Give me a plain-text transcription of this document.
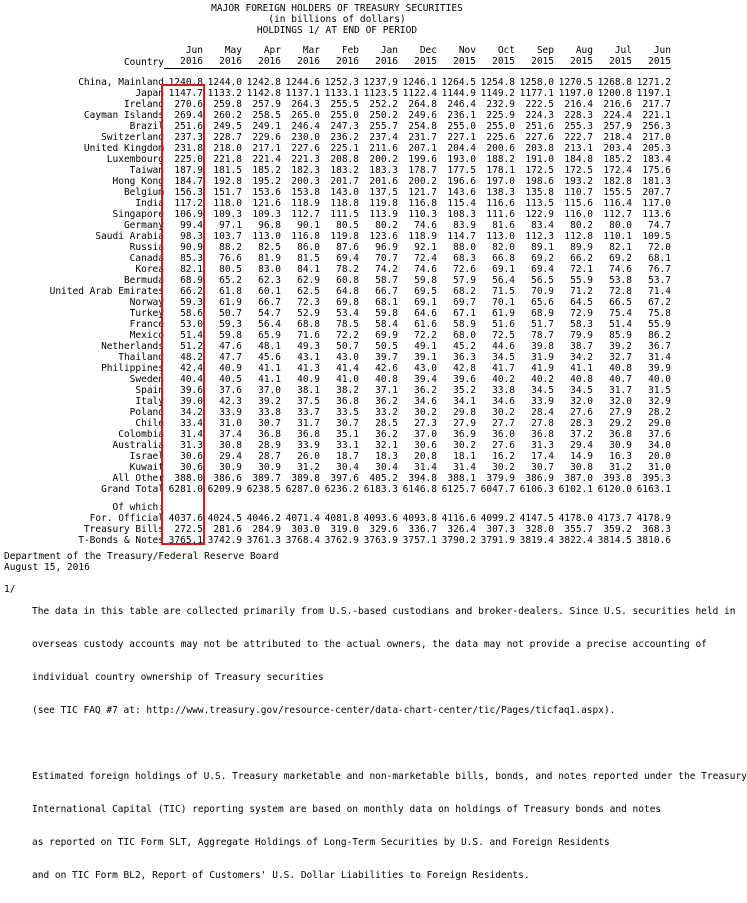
MAJOR FOREIGN HOLDERS OF TREASURY SECURITIES
(in billions of dollars)
HOLDINGS 1/ AT END OF PERIOD
	Jun	May	Apr	Mar	Feb	Jan	Dec	Nov	Oct	Sep	Aug	Jul	Jun
Country	2016	2016	2016	2016	2016	2016	2015	2015	2015	2015	2015	2015	2015

China, Mainland	1240.8	1244.0	1242.8	1244.6	1252.3	1237.9	1246.1	1264.5	1254.8	1258.0	1270.5	1268.8	1271.2
Japan	1147.7	1133.2	1142.8	1137.1	1133.1	1123.5	1122.4	1144.9	1149.2	1177.1	1197.0	1200.8	1197.1
Ireland	270.6	259.8	257.9	264.3	255.5	252.2	264.8	246.4	232.9	222.5	216.4	216.6	217.7
Cayman Islands	269.4	260.2	258.5	265.0	255.0	250.2	249.6	236.1	225.9	224.3	228.3	224.4	221.1
Brazil	251.6	249.5	249.1	246.4	247.3	255.7	254.8	255.0	255.0	251.6	255.3	257.9	256.3
Switzerland	237.3	228.7	229.6	230.0	236.2	237.4	231.7	227.1	225.6	227.6	222.7	218.4	217.0
United Kingdom	231.8	218.0	217.1	227.6	225.1	211.6	207.1	204.4	200.6	203.8	213.1	203.4	205.3
Luxembourg	225.0	221.8	221.4	221.3	208.8	200.2	199.6	193.0	188.2	191.0	184.8	185.2	183.4
Taiwan	187.9	181.5	185.2	182.3	183.2	183.3	178.7	177.5	178.1	172.5	172.5	172.4	175.6
Hong Kong	184.7	192.8	195.2	200.3	201.7	201.6	200.2	196.6	197.0	198.6	193.2	182.8	181.3
Belgium	156.3	151.7	153.6	153.8	143.0	137.5	121.7	143.6	138.3	135.8	110.7	155.5	207.7
India	117.2	118.0	121.6	118.9	118.8	119.8	116.8	115.4	116.6	113.5	115.6	116.4	117.0
Singapore	106.9	109.3	109.3	112.7	111.5	113.9	110.3	108.3	111.6	122.9	116.0	112.7	113.6
Germany	99.4	97.1	96.8	90.1	80.5	80.2	74.6	83.9	81.6	83.4	80.2	80.0	74.7
Saudi Arabia	98.3	103.7	113.0	116.8	119.8	123.6	118.9	114.7	113.0	112.3	112.8	110.1	109.5
Russia	90.9	88.2	82.5	86.0	87.6	96.9	92.1	88.0	82.0	89.1	89.9	82.1	72.0
Canada	85.3	76.6	81.9	81.5	69.4	70.7	72.4	68.3	66.8	69.2	66.2	69.2	68.1
Korea	82.1	80.5	83.0	84.1	78.2	74.2	74.6	72.6	69.1	69.4	72.1	74.6	76.7
Bermuda	68.9	65.2	62.3	62.9	60.8	58.7	59.8	57.9	56.4	56.5	55.9	53.8	53.7
United Arab Emirates	66.2	61.8	60.1	62.5	64.8	66.7	69.5	68.2	71.5	70.9	71.2	72.8	71.4
Norway	59.3	61.9	66.7	72.3	69.8	68.1	69.1	69.7	70.1	65.6	64.5	66.5	67.2
Turkey	58.6	50.7	54.7	52.9	53.4	59.8	64.6	67.1	61.9	68.9	72.9	75.4	75.8
France	53.0	59.3	56.4	68.8	78.5	58.4	61.6	58.9	51.6	51.7	58.3	51.4	55.9
Mexico	51.4	59.8	65.9	71.6	72.2	69.9	72.2	68.0	72.5	78.7	79.9	85.9	86.2
Netherlands	51.2	47.6	48.1	49.3	50.7	50.5	49.1	45.2	44.6	39.8	38.7	39.2	36.7
Thailand	48.2	47.7	45.6	43.1	43.0	39.7	39.1	36.3	34.5	31.9	34.2	32.7	31.4
Philippines	42.4	40.9	41.1	41.3	41.4	42.6	43.0	42.8	41.7	41.9	41.1	40.8	39.9
Sweden	40.4	40.5	41.1	40.9	41.0	40.8	39.4	39.6	40.2	40.2	40.8	40.7	40.0
Spain	39.6	37.6	37.0	38.1	38.2	37.1	36.2	35.2	33.8	34.5	34.5	31.7	31.5
Italy	39.0	42.3	39.2	37.5	36.8	36.2	34.6	34.1	34.6	33.9	32.0	32.0	32.9
Poland	34.2	33.9	33.8	33.7	33.5	33.2	30.2	29.8	30.2	28.4	27.6	27.9	28.2
Chile	33.4	31.0	30.7	31.7	30.7	28.5	27.3	27.9	27.7	27.8	28.3	29.2	29.0
Colombia	31.4	37.4	36.8	36.8	35.1	36.2	37.0	36.9	36.0	36.8	37.2	36.8	37.6
Australia	31.3	30.8	28.9	33.9	33.1	32.1	30.6	30.2	27.6	31.3	29.4	30.9	34.0
Israel	30.6	29.4	28.7	26.0	18.7	18.3	20.8	18.1	16.2	17.4	14.9	16.3	20.0
Kuwait	30.6	30.9	30.9	31.2	30.4	30.4	31.4	31.4	30.2	30.7	30.8	31.2	31.0
All Other	388.0	386.6	389.7	389.8	397.6	405.2	394.8	388.1	379.9	386.9	387.0	393.8	395.3
Grand Total	6281.0	6209.9	6238.5	6287.0	6236.2	6183.3	6146.8	6125.7	6047.7	6106.3	6102.1	6120.0	6163.1

Of which:													
For. Official	4037.6	4024.5	4046.2	4071.4	4081.8	4093.6	4093.8	4116.6	4099.2	4147.5	4178.0	4173.7	4178.9
Treasury Bills	272.5	281.6	284.9	303.0	319.0	329.6	336.7	326.4	307.3	328.0	355.7	359.2	368.3
T-Bonds & Notes	3765.1	3742.9	3761.3	3768.4	3762.9	3763.9	3757.1	3790.2	3791.9	3819.4	3822.4	3814.5	3810.6
Department of the Treasury/Federal Reserve Board
August 15, 2016
1/

The data in this table are collected primarily from U.S.-based custodians and broker-dealers. Since U.S. securities held in

overseas custody accounts may not be attributed to the actual owners, the data may not provide a precise accounting of

individual country ownership of Treasury securities

(see TIC FAQ #7 at: http://www.treasury.gov/resource-center/data-chart-center/tic/Pages/ticfaq1.aspx).

Estimated foreign holdings of U.S. Treasury marketable and non-marketable bills, bonds, and notes reported under the Treasury

International Capital (TIC) reporting system are based on monthly data on holdings of Treasury bonds and notes

as reported on TIC Form SLT, Aggregate Holdings of Long-Term Securities by U.S. and Foreign Residents

and on TIC Form BL2, Report of Customers' U.S. Dollar Liabilities to Foreign Residents.
